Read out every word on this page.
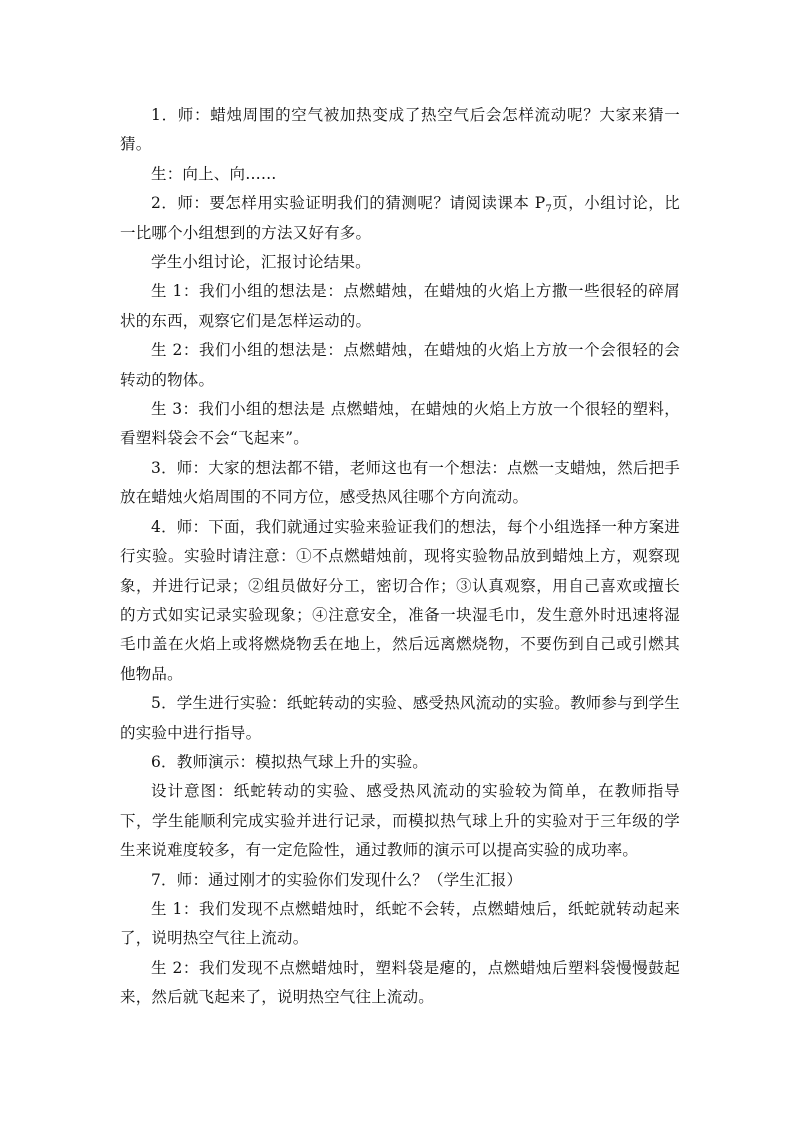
1．师：蜡烛周围的空气被加热变成了热空气后会怎样流动呢？大家来猜一猜。

生：向上、向……

2．师：要怎样用实验证明我们的猜测呢？请阅读课本 $P_7$页，小组讨论，比一比哪个小组想到的方法又好有多。

学生小组讨论，汇报讨论结果。

生 1：我们小组的想法是：点燃蜡烛，在蜡烛的火焰上方撒一些很轻的碎屑状的东西，观察它们是怎样运动的。

生 2：我们小组的想法是：点燃蜡烛，在蜡烛的火焰上方放一个会很轻的会转动的物体。

生 3：我们小组的想法是 点燃蜡烛，在蜡烛的火焰上方放一个很轻的塑料，看塑料袋会不会“飞起来”。

3．师：大家的想法都不错，老师这也有一个想法：点燃一支蜡烛，然后把手放在蜡烛火焰周围的不同方位，感受热风往哪个方向流动。

4．师：下面，我们就通过实验来验证我们的想法，每个小组选择一种方案进行实验。实验时请注意：①不点燃蜡烛前，现将实验物品放到蜡烛上方，观察现象，并进行记录；②组员做好分工，密切合作；③认真观察，用自己喜欢或擅长的方式如实记录实验现象；④注意安全，准备一块湿毛巾，发生意外时迅速将湿毛巾盖在火焰上或将燃烧物丢在地上，然后远离燃烧物，不要伤到自己或引燃其他物品。

5．学生进行实验：纸蛇转动的实验、感受热风流动的实验。教师参与到学生的实验中进行指导。

6．教师演示：模拟热气球上升的实验。

设计意图：纸蛇转动的实验、感受热风流动的实验较为简单，在教师指导下，学生能顺利完成实验并进行记录，而模拟热气球上升的实验对于三年级的学生来说难度较多，有一定危险性，通过教师的演示可以提高实验的成功率。

7．师：通过刚才的实验你们发现什么？（学生汇报）

生 1：我们发现不点燃蜡烛时，纸蛇不会转，点燃蜡烛后，纸蛇就转动起来了，说明热空气往上流动。

生 2：我们发现不点燃蜡烛时，塑料袋是瘪的，点燃蜡烛后塑料袋慢慢鼓起来，然后就飞起来了，说明热空气往上流动。
